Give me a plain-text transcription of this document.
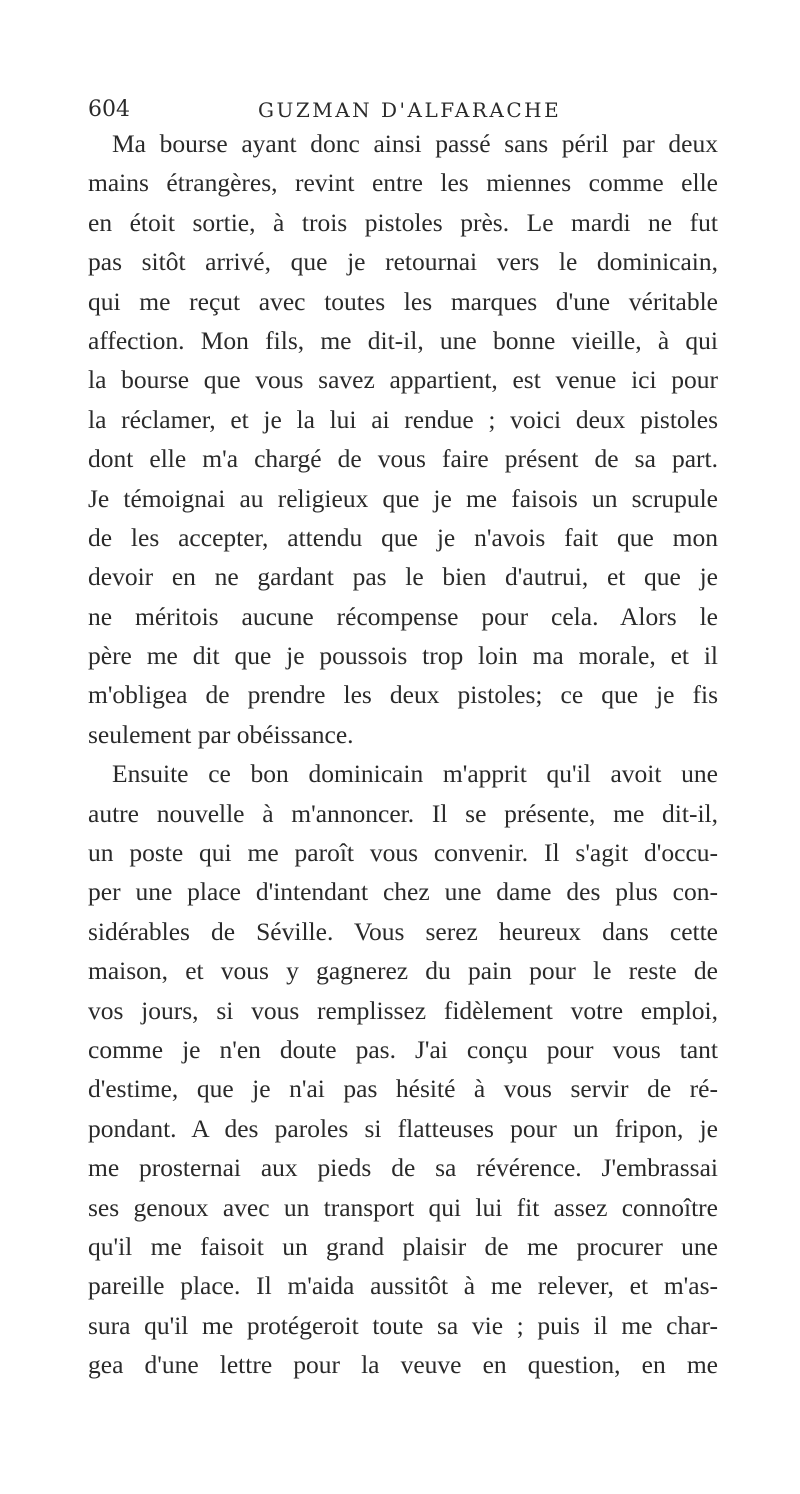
604	GUZMAN D'ALFARACHE
Ma bourse ayant donc ainsi passé sans péril par deux
mains étrangères, revint entre les miennes comme elle
en étoit sortie, à trois pistoles près. Le mardi ne fut
pas sitôt arrivé, que je retournai vers le dominicain,
qui me reçut avec toutes les marques d'une véritable
affection. Mon fils, me dit-il, une bonne vieille, à qui
la bourse que vous savez appartient, est venue ici pour
la réclamer, et je la lui ai rendue ; voici deux pistoles
dont elle m'a chargé de vous faire présent de sa part.
Je témoignai au religieux que je me faisois un scrupule
de les accepter, attendu que je n'avois fait que mon
devoir en ne gardant pas le bien d'autrui, et que je
ne méritois aucune récompense pour cela. Alors le
père me dit que je poussois trop loin ma morale, et il
m'obligea de prendre les deux pistoles; ce que je fis
seulement par obéissance.
Ensuite ce bon dominicain m'apprit qu'il avoit une
autre nouvelle à m'annoncer. Il se présente, me dit-il,
un poste qui me paroît vous convenir. Il s'agit d'occu-
per une place d'intendant chez une dame des plus con-
sidérables de Séville. Vous serez heureux dans cette
maison, et vous y gagnerez du pain pour le reste de
vos jours, si vous remplissez fidèlement votre emploi,
comme je n'en doute pas. J'ai conçu pour vous tant
d'estime, que je n'ai pas hésité à vous servir de ré-
pondant. A des paroles si flatteuses pour un fripon, je
me prosternai aux pieds de sa révérence. J'embrassai
ses genoux avec un transport qui lui fit assez connoître
qu'il me faisoit un grand plaisir de me procurer une
pareille place. Il m'aida aussitôt à me relever, et m'as-
sura qu'il me protégeroit toute sa vie ; puis il me char-
gea d'une lettre pour la veuve en question, en me
